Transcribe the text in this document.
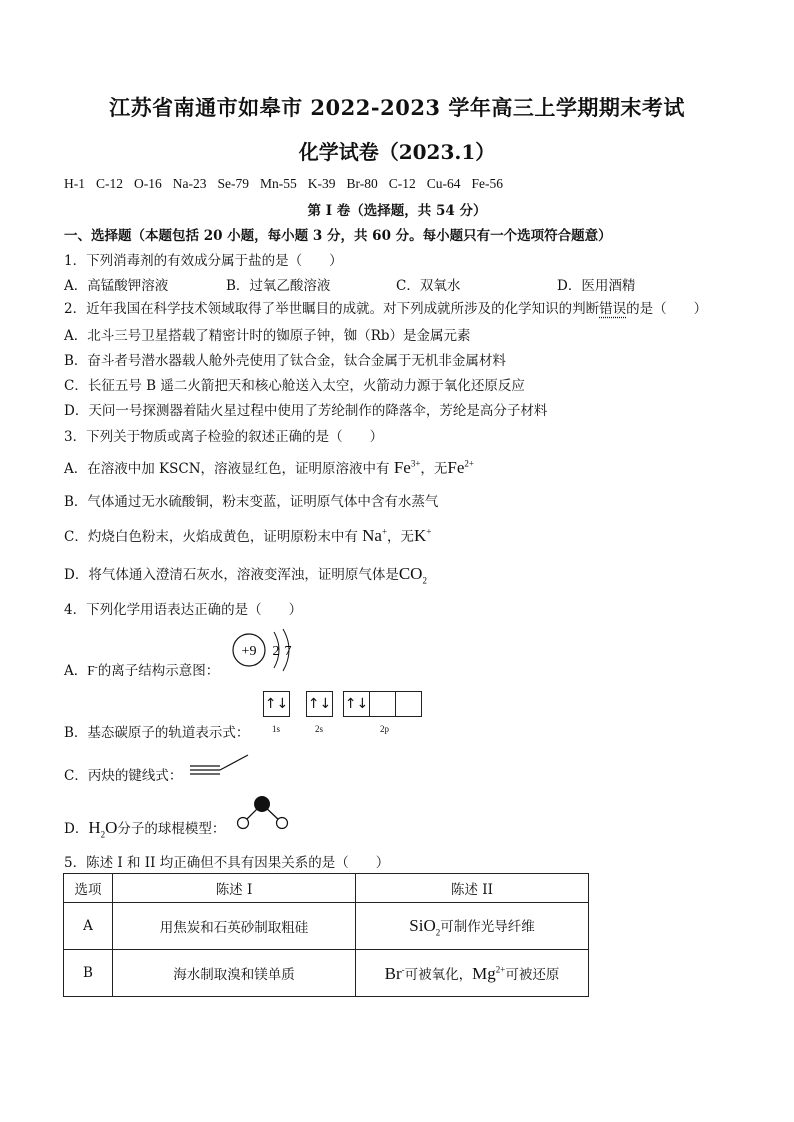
江苏省南通市如皋市 2022-2023 学年高三上学期期末考试
化学试卷（2023.1）
H-1 C-12 O-16 Na-23 Se-79 Mn-55 K-39 Br-80 C-12 Cu-64 Fe-56
第 I 卷（选择题，共 54 分）
一、选择题（本题包括 20 小题，每小题 3 分，共 60 分。每小题只有一个选项符合题意）
1．下列消毒剂的有效成分属于盐的是（　　）
A．高锰酸钾溶液	B．过氧乙酸溶液	C．双氧水	D．医用酒精
2．近年我国在科学技术领域取得了举世瞩目的成就。对下列成就所涉及的化学知识的判断错误的是（　　）
A．北斗三号卫星搭载了精密计时的铷原子钟，铷（Rb）是金属元素
B．奋斗者号潜水器载人舱外壳使用了钛合金，钛合金属于无机非金属材料
C．长征五号 B 遥二火箭把天和核心舱送入太空，火箭动力源于氧化还原反应
D．天问一号探测器着陆火星过程中使用了芳纶制作的降落伞，芳纶是高分子材料
3．下列关于物质或离子检验的叙述正确的是（　　）
A．在溶液中加 KSCN，溶液显红色，证明原溶液中有 $Fe^{3+}$，无$Fe^{2+}$
B．气体通过无水硫酸铜，粉末变蓝，证明原气体中含有水蒸气
C．灼烧白色粉末，火焰成黄色，证明原粉末中有 Na+，无K+
D．将气体通入澄清石灰水，溶液变浑浊，证明原气体是$CO_2$
4．下列化学用语表达正确的是（　　）
A．F-的离子结构示意图：
+9 2 7
B．基态碳原子的轨道表示式：
↑↓ ↑↓ ↑↓
1s	2s	2p
C．丙炔的键线式：
D．$H_2O$分子的球棍模型：
5．陈述 I 和 II 均正确但不具有因果关系的是（　　）
选项	陈述 I	陈述 II
A	用焦炭和石英砂制取粗硅	SiO$_2$可制作光导纤维
B	海水制取溴和镁单质	Br-可被氧化，$Mg^{2+}$可被还原
